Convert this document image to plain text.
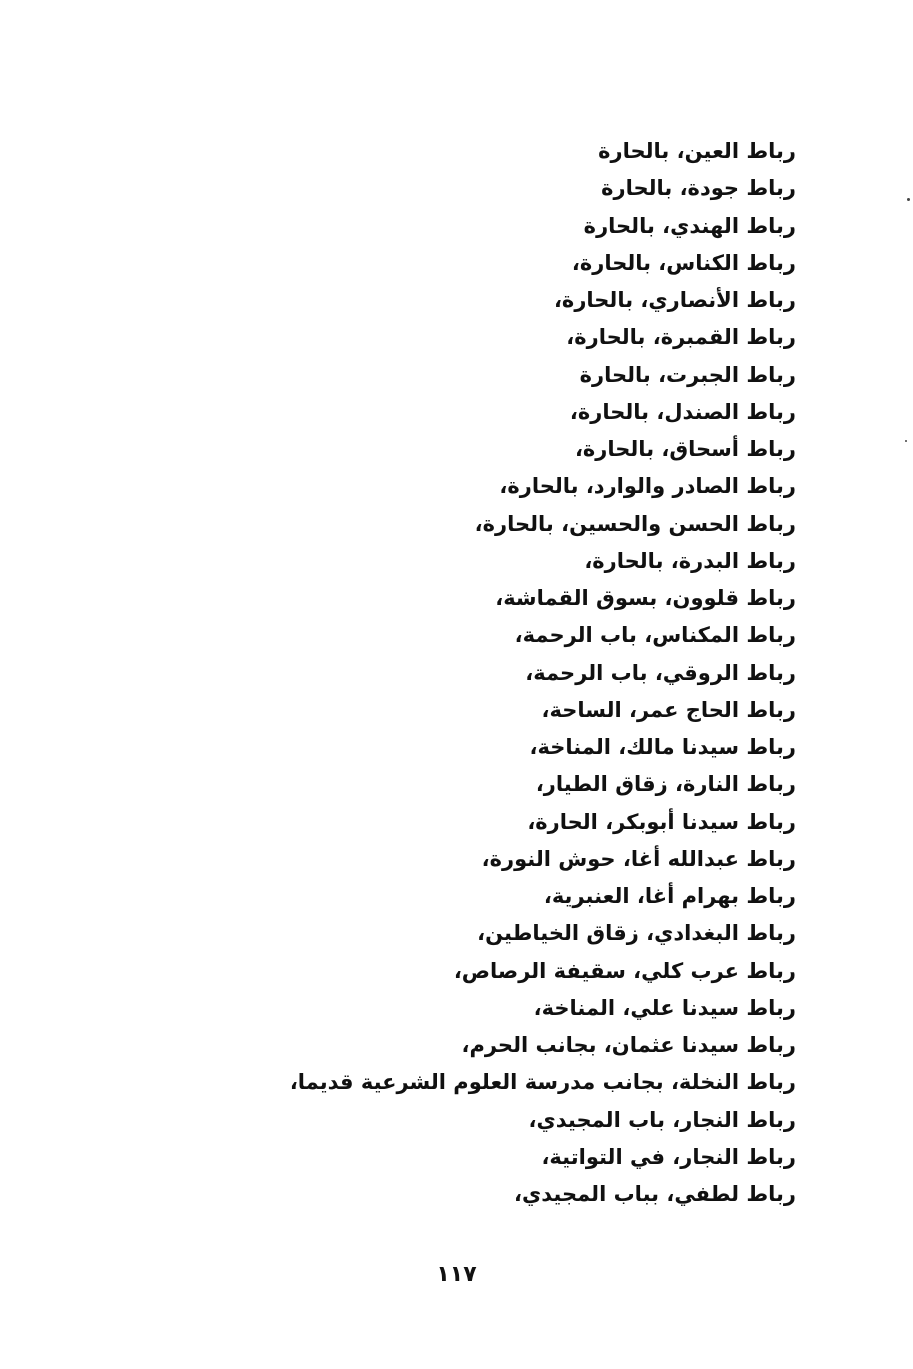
رباط العين، بالحارة
رباط جودة، بالحارة
رباط الهندي، بالحارة
رباط الكناس، بالحارة،
رباط الأنصاري، بالحارة،
رباط القمبرة، بالحارة،
رباط الجبرت، بالحارة
رباط الصندل، بالحارة،
رباط أسحاق، بالحارة،
رباط الصادر والوارد، بالحارة،
رباط الحسن والحسين، بالحارة،
رباط البدرة، بالحارة،
رباط قلوون، بسوق القماشة،
رباط المكناس، باب الرحمة،
رباط الروقي، باب الرحمة،
رباط الحاج عمر، الساحة،
رباط سيدنا مالك، المناخة،
رباط النارة، زقاق الطيار،
رباط سيدنا أبوبكر، الحارة،
رباط عبدالله أغا، حوش النورة،
رباط بهرام أغا، العنبرية،
رباط البغدادي، زقاق الخياطين،
رباط عرب كلي، سقيفة الرصاص،
رباط سيدنا علي، المناخة،
رباط سيدنا عثمان، بجانب الحرم،
رباط النخلة، بجانب مدرسة العلوم الشرعية قديما،
رباط النجار، باب المجيدي،
رباط النجار، في التواتية،
رباط لطفي، بباب المجيدي،
١١٧
